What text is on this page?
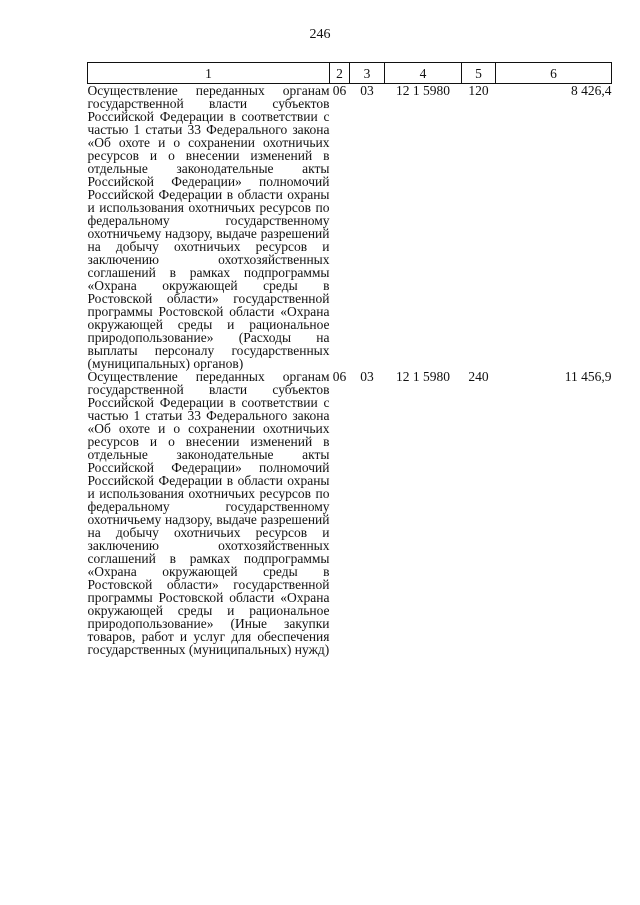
246
1	2	3	4	5	6
Осуществление переданных органам государственной власти субъектов Российской Федерации в соответствии с частью 1 статьи 33 Федерального закона «Об охоте и о сохранении охотничьих ресурсов и о внесении изменений в отдельные законодательные акты Российской Федерации» полномочий Российской Федерации в области охраны и использования охотничьих ресурсов по федеральному государственному охотничьему надзору, выдаче разрешений на добычу охотничьих ресурсов и заключению охотхозяйственных соглашений в рамках подпрограммы «Охрана окружающей среды в Ростовской области» государственной программы Ростовской области «Охрана окружающей среды и рациональное природопользование» (Расходы на выплаты персоналу государственных (муниципальных) органов)	06	03	12 1 5980	120	8 426,4
Осуществление переданных органам государственной власти субъектов Российской Федерации в соответствии с частью 1 статьи 33 Федерального закона «Об охоте и о сохранении охотничьих ресурсов и о внесении изменений в отдельные законодательные акты Российской Федерации» полномочий Российской Федерации в области охраны и использования охотничьих ресурсов по федеральному государственному охотничьему надзору, выдаче разрешений на добычу охотничьих ресурсов и заключению охотхозяйственных соглашений в рамках подпрограммы «Охрана окружающей среды в Ростовской области» государственной программы Ростовской области «Охрана окружающей среды и рациональное природопользование» (Иные закупки товаров, работ и услуг для обеспечения государственных (муниципальных) нужд)	06	03	12 1 5980	240	11 456,9
